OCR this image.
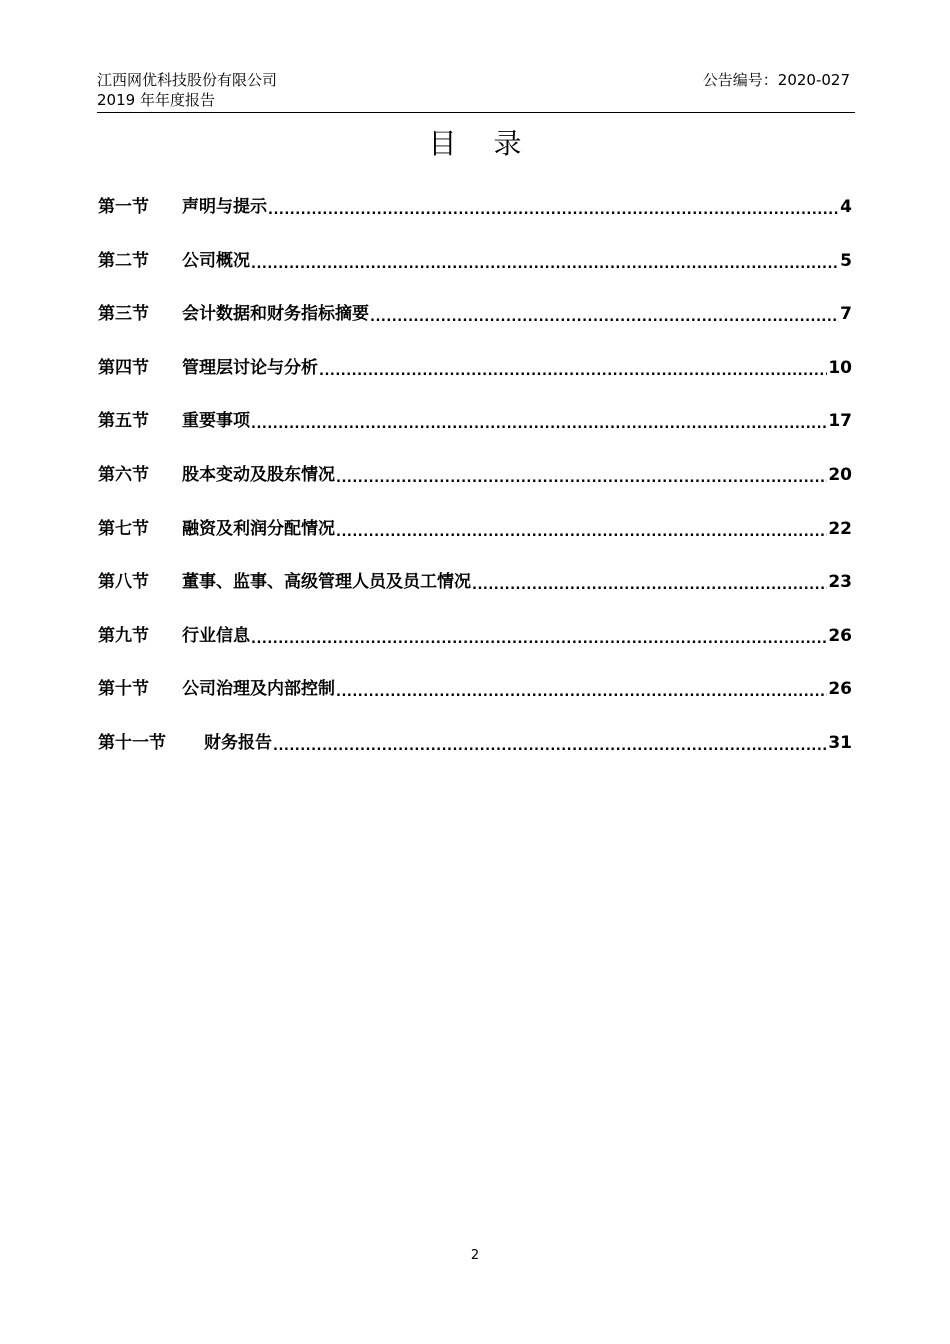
江西网优科技股份有限公司
2019 年年度报告
公告编号：2020-027
目 录
第一节	声明与提示 .....	4
第二节	公司概况 .....	5
第三节	会计数据和财务指标摘要 .....	7
第四节	管理层讨论与分析 .....	10
第五节	重要事项 .....	17
第六节	股本变动及股东情况 .....	20
第七节	融资及利润分配情况 .....	22
第八节	董事、监事、高级管理人员及员工情况 .....	23
第九节	行业信息 .....	26
第十节	公司治理及内部控制 .....	26
第十一节	财务报告 .....	31
2
